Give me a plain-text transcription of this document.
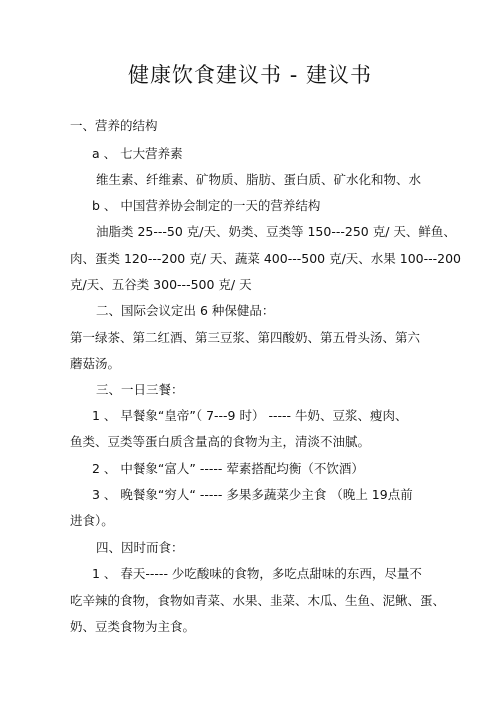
健康饮食建议书 - 建议书
一、营养的结构
a 、 七大营养素
维生素、纤维素、矿物质、脂肪、蛋白质、矿水化和物、水
b 、 中国营养协会制定的一天的营养结构
油脂类 25---50 克/天、奶类、豆类等 150---250 克/ 天、鲜鱼、
肉、蛋类 120---200 克/ 天、蔬菜 400---500 克/天、水果 100---200
克/天、五谷类 300---500 克/ 天
二、国际会议定出 6 种保健品：
第一绿茶、第二红酒、第三豆浆、第四酸奶、第五骨头汤、第六
蘑菇汤。
三、一日三餐：
1 、 早餐象“皇帝”（ 7---9 时） ----- 牛奶、豆浆、瘦肉、
鱼类、豆类等蛋白质含量高的食物为主，清淡不油腻。
2 、 中餐象“富人” ----- 荤素搭配均衡（不饮酒）
3 、 晚餐象“穷人“ ----- 多果多蔬菜少主食 （晚上 19点前
进食）。
四、因时而食：
1 、 春天----- 少吃酸味的食物，多吃点甜味的东西，尽量不
吃辛辣的食物，食物如青菜、水果、韭菜、木瓜、生鱼、泥鳅、蛋、
奶、豆类食物为主食。
